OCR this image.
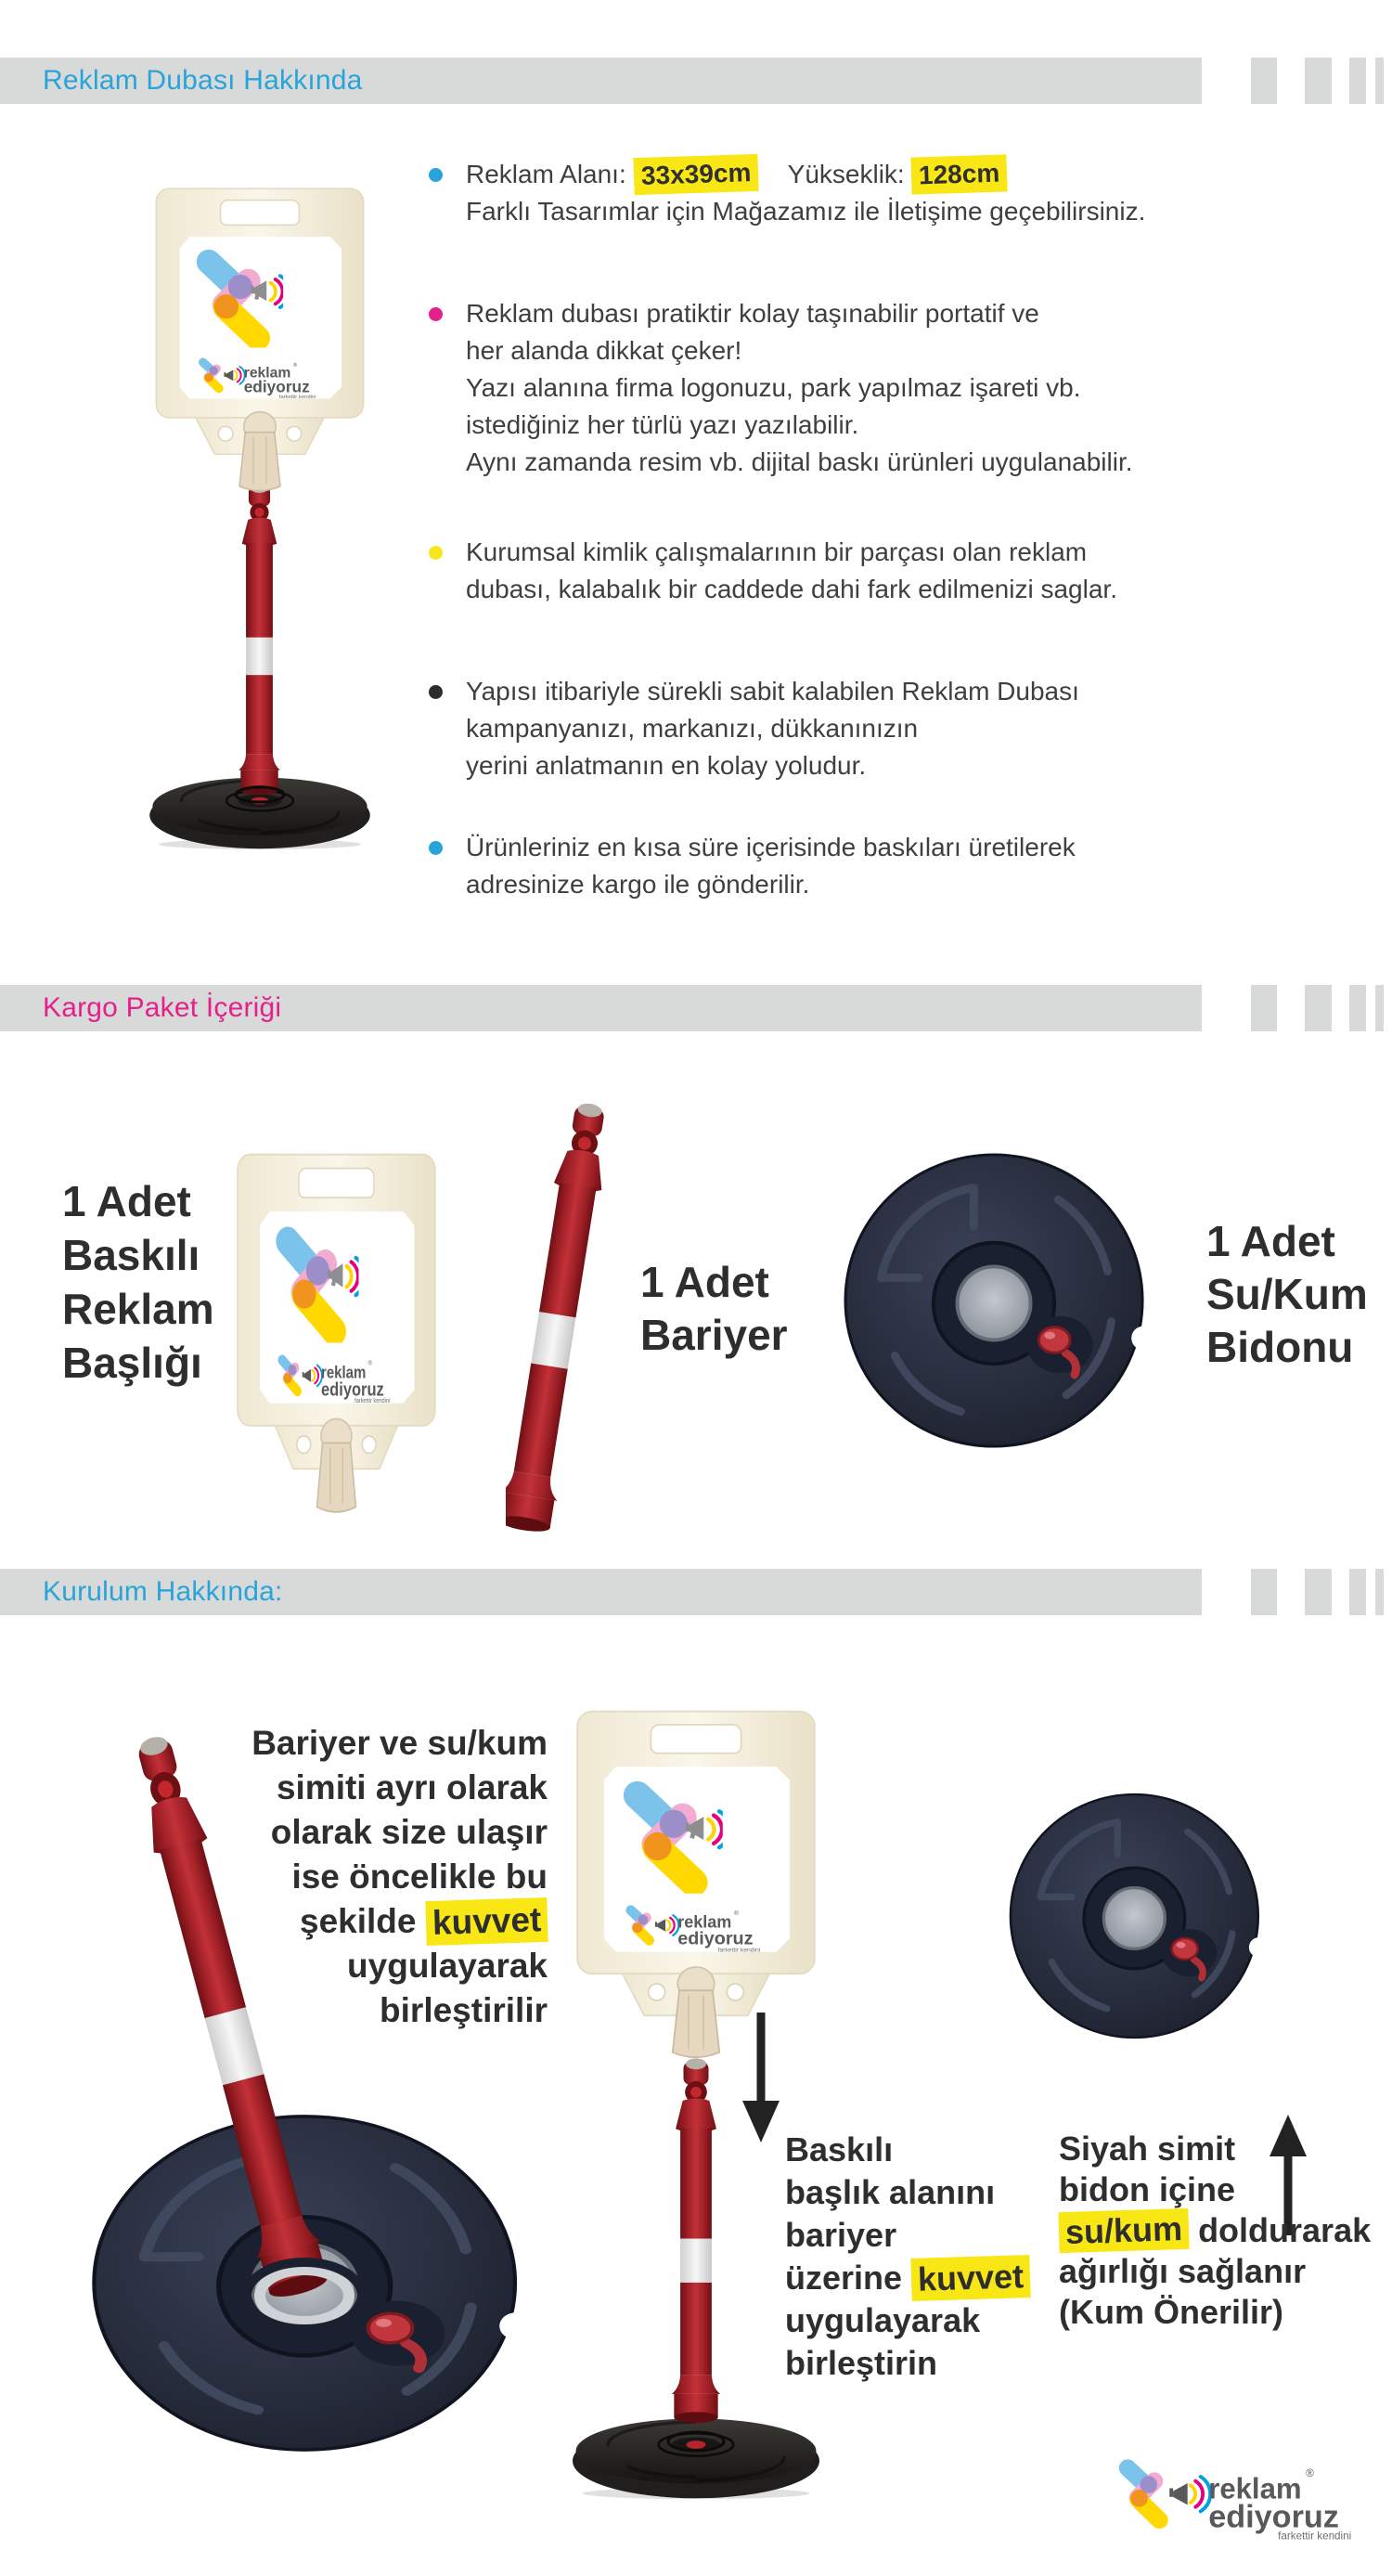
Reklam Dubası Hakkında
Reklam Alanı: 33x39cm Yükseklik: 128cm
Farklı Tasarımlar için Mağazamız ile İletişime geçebilirsiniz.
Reklam dubası pratiktir kolay taşınabilir portatif ve
her alanda dikkat çeker!
Yazı alanına firma logonuzu, park yapılmaz işareti vb.
istediğiniz her türlü yazı yazılabilir.
Aynı zamanda resim vb. dijital baskı ürünleri uygulanabilir.
Kurumsal kimlik çalışmalarının bir parçası olan reklam
dubası, kalabalık bir caddede dahi fark edilmenizi saglar.
Yapısı itibariyle sürekli sabit kalabilen Reklam Dubası
kampanyanızı, markanızı, dükkanınızın
yerini anlatmanın en kolay yoludur.
Ürünleriniz en kısa süre içerisinde baskıları üretilerek
adresinize kargo ile gönderilir.
Kargo Paket İçeriği
1 Adet
Baskılı
Reklam
Başlığı
1 Adet
Bariyer
1 Adet
Su/Kum
Bidonu
Kurulum Hakkında:
Bariyer ve su/kum
simiti ayrı olarak
olarak size ulaşır
ise öncelikle bu
şekilde kuvvet
uygulayarak
birleştirilir
Baskılı
başlık alanını
bariyer
üzerine kuvvet
uygulayarak
birleştirin
Siyah simit
bidon içine
su/kum doldurarak
ağırlığı sağlanır
(Kum Önerilir)
